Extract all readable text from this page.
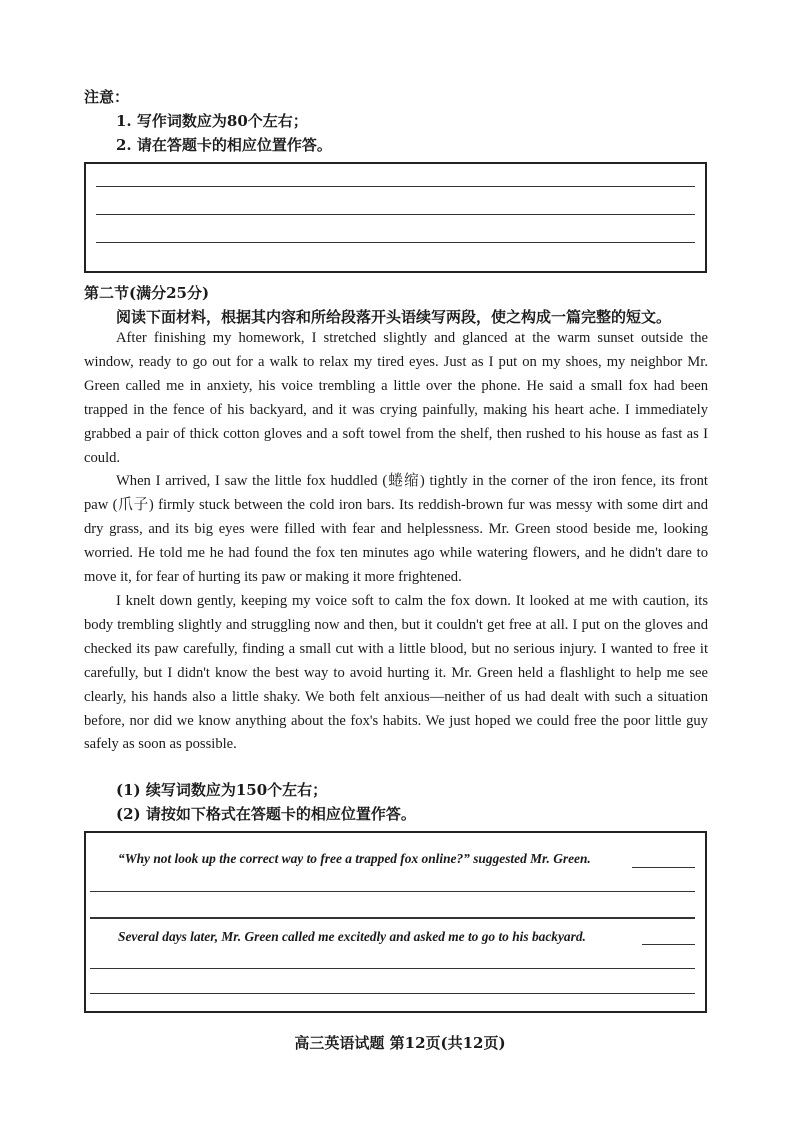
注意：
1. 写作词数应为80个左右；
2. 请在答题卡的相应位置作答。
第二节(满分25分)
阅读下面材料，根据其内容和所给段落开头语续写两段，使之构成一篇完整的短文。

After finishing my homework, I stretched slightly and glanced at the warm sunset outside the window, ready to go out for a walk to relax my tired eyes. Just as I put on my shoes, my neighbor Mr. Green called me in anxiety, his voice trembling a little over the phone. He said a small fox had been trapped in the fence of his backyard, and it was crying painfully, making his heart ache. I immediately grabbed a pair of thick cotton gloves and a soft towel from the shelf, then rushed to his house as fast as I could.

When I arrived, I saw the little fox huddled (蜷缩) tightly in the corner of the iron fence, its front paw (爪子) firmly stuck between the cold iron bars. Its reddish-brown fur was messy with some dirt and dry grass, and its big eyes were filled with fear and helplessness. Mr. Green stood beside me, looking worried. He told me he had found the fox ten minutes ago while watering flowers, and he didn't dare to move it, for fear of hurting its paw or making it more frightened.

I knelt down gently, keeping my voice soft to calm the fox down. It looked at me with caution, its body trembling slightly and struggling now and then, but it couldn't get free at all. I put on the gloves and checked its paw carefully, finding a small cut with a little blood, but no serious injury. I wanted to free it carefully, but I didn't know the best way to avoid hurting it. Mr. Green held a flashlight to help me see clearly, his hands also a little shaky. We both felt anxious—neither of us had dealt with such a situation before, nor did we know anything about the fox's habits. We just hoped we could free the poor little guy safely as soon as possible.

(1) 续写词数应为150个左右；
(2) 请按如下格式在答题卡的相应位置作答。
“Why not look up the correct way to free a trapped fox online?” suggested Mr. Green.
Several days later, Mr. Green called me excitedly and asked me to go to his backyard.
高三英语试题 第12页(共12页)
